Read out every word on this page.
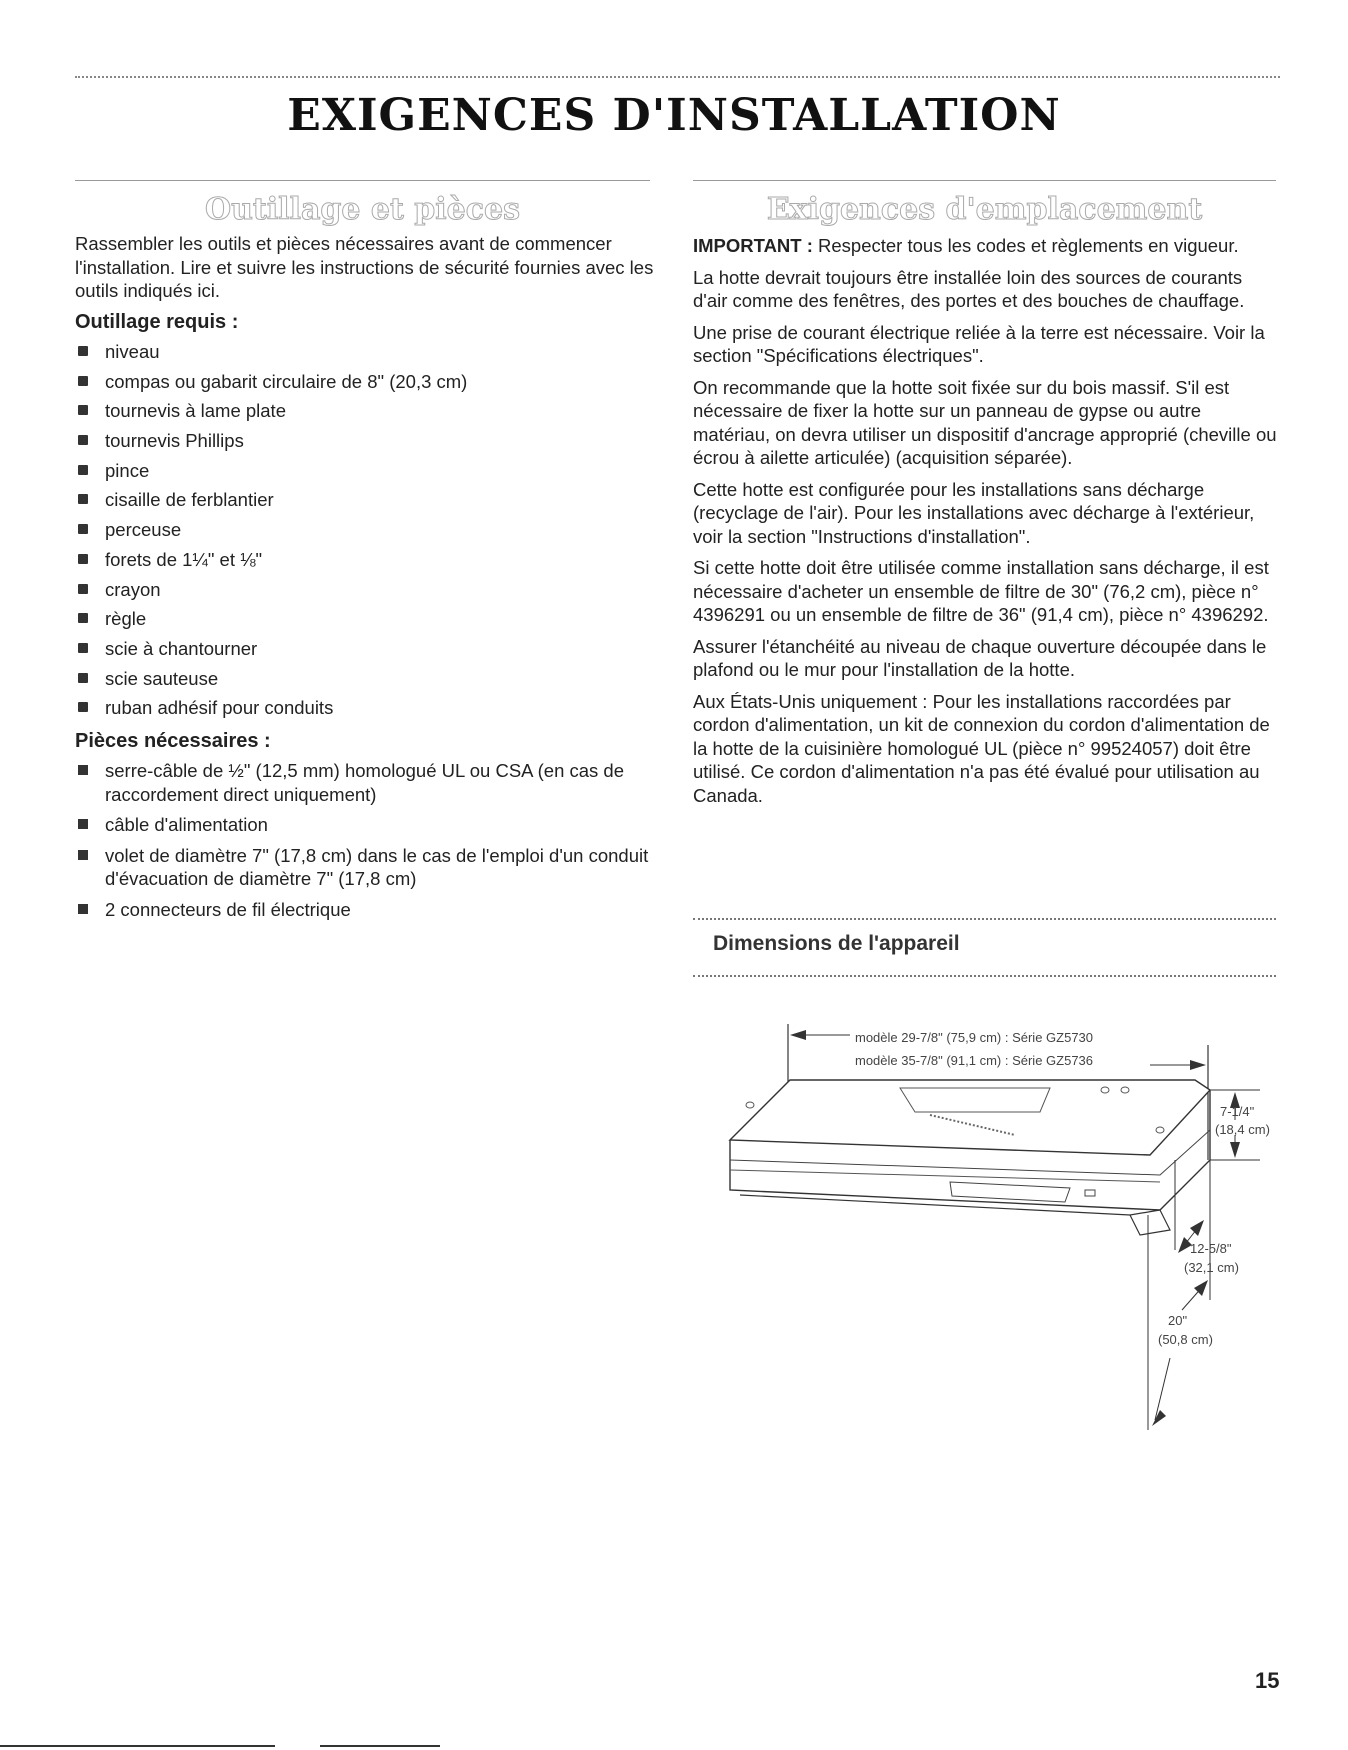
EXIGENCES D'INSTALLATION
Outillage et pièces

Rassembler les outils et pièces nécessaires avant de commencer l'installation. Lire et suivre les instructions de sécurité fournies avec les outils indiqués ici.

Outillage requis :
niveau
compas ou gabarit circulaire de 8" (20,3 cm)
tournevis à lame plate
tournevis Phillips
pince
cisaille de ferblantier
perceuse
forets de 1¼" et ⅛"
crayon
règle
scie à chantourner
scie sauteuse
ruban adhésif pour conduits
Pièces nécessaires :
serre-câble de ½" (12,5 mm) homologué UL ou CSA (en cas de raccordement direct uniquement)
câble d'alimentation
volet de diamètre 7" (17,8 cm) dans le cas de l'emploi d'un conduit d'évacuation de diamètre 7" (17,8 cm)
2 connecteurs de fil électrique
Exigences d'emplacement

IMPORTANT : Respecter tous les codes et règlements en vigueur.

La hotte devrait toujours être installée loin des sources de courants d'air comme des fenêtres, des portes et des bouches de chauffage.

Une prise de courant électrique reliée à la terre est nécessaire. Voir la section "Spécifications électriques".

On recommande que la hotte soit fixée sur du bois massif. S'il est nécessaire de fixer la hotte sur un panneau de gypse ou autre matériau, on devra utiliser un dispositif d'ancrage approprié (cheville ou écrou à ailette articulée) (acquisition séparée).

Cette hotte est configurée pour les installations sans décharge (recyclage de l'air). Pour les installations avec décharge à l'extérieur, voir la section "Instructions d'installation".

Si cette hotte doit être utilisée comme installation sans décharge, il est nécessaire d'acheter un ensemble de filtre de 30" (76,2 cm), pièce n° 4396291 ou un ensemble de filtre de 36" (91,4 cm), pièce n° 4396292.

Assurer l'étanchéité au niveau de chaque ouverture découpée dans le plafond ou le mur pour l'installation de la hotte.

Aux États-Unis uniquement : Pour les installations raccordées par cordon d'alimentation, un kit de connexion du cordon d'alimentation de la hotte de la cuisinière homologué UL (pièce n° 99524057) doit être utilisé. Ce cordon d'alimentation n'a pas été évalué pour utilisation au Canada.

Dimensions de l'appareil
modèle 29-7/8" (75,9 cm) : Série GZ5730
modèle 35-7/8" (91,1 cm) : Série GZ5736
7-1/4"
(18,4 cm)
12-5/8"
(32,1 cm)
20"
(50,8 cm)
15
